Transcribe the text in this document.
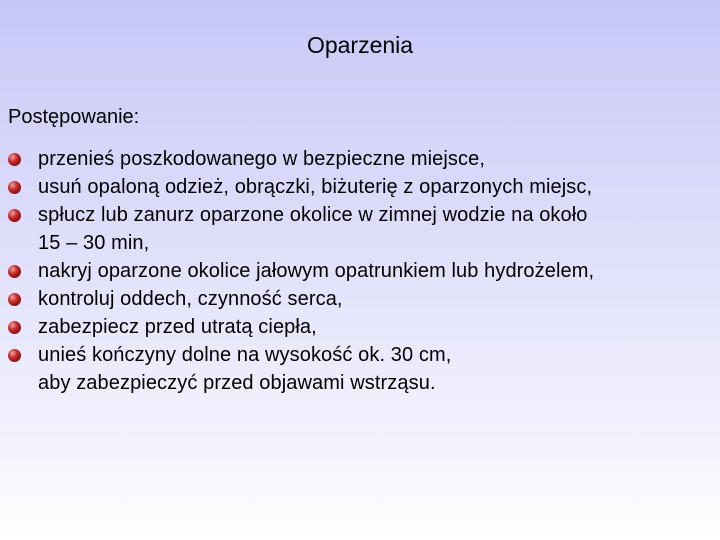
Oparzenia
Postępowanie:
przenieś poszkodowanego w bezpieczne miejsce,
usuń opaloną odzież, obrączki, biżuterię z oparzonych miejsc,
spłucz lub zanurz oparzone okolice w zimnej wodzie na około
15 – 30 min,
nakryj oparzone okolice jałowym opatrunkiem lub hydrożelem,
kontroluj oddech, czynność serca,
zabezpiecz przed utratą ciepła,
unieś kończyny dolne na wysokość ok. 30 cm,
aby zabezpieczyć przed objawami wstrząsu.
